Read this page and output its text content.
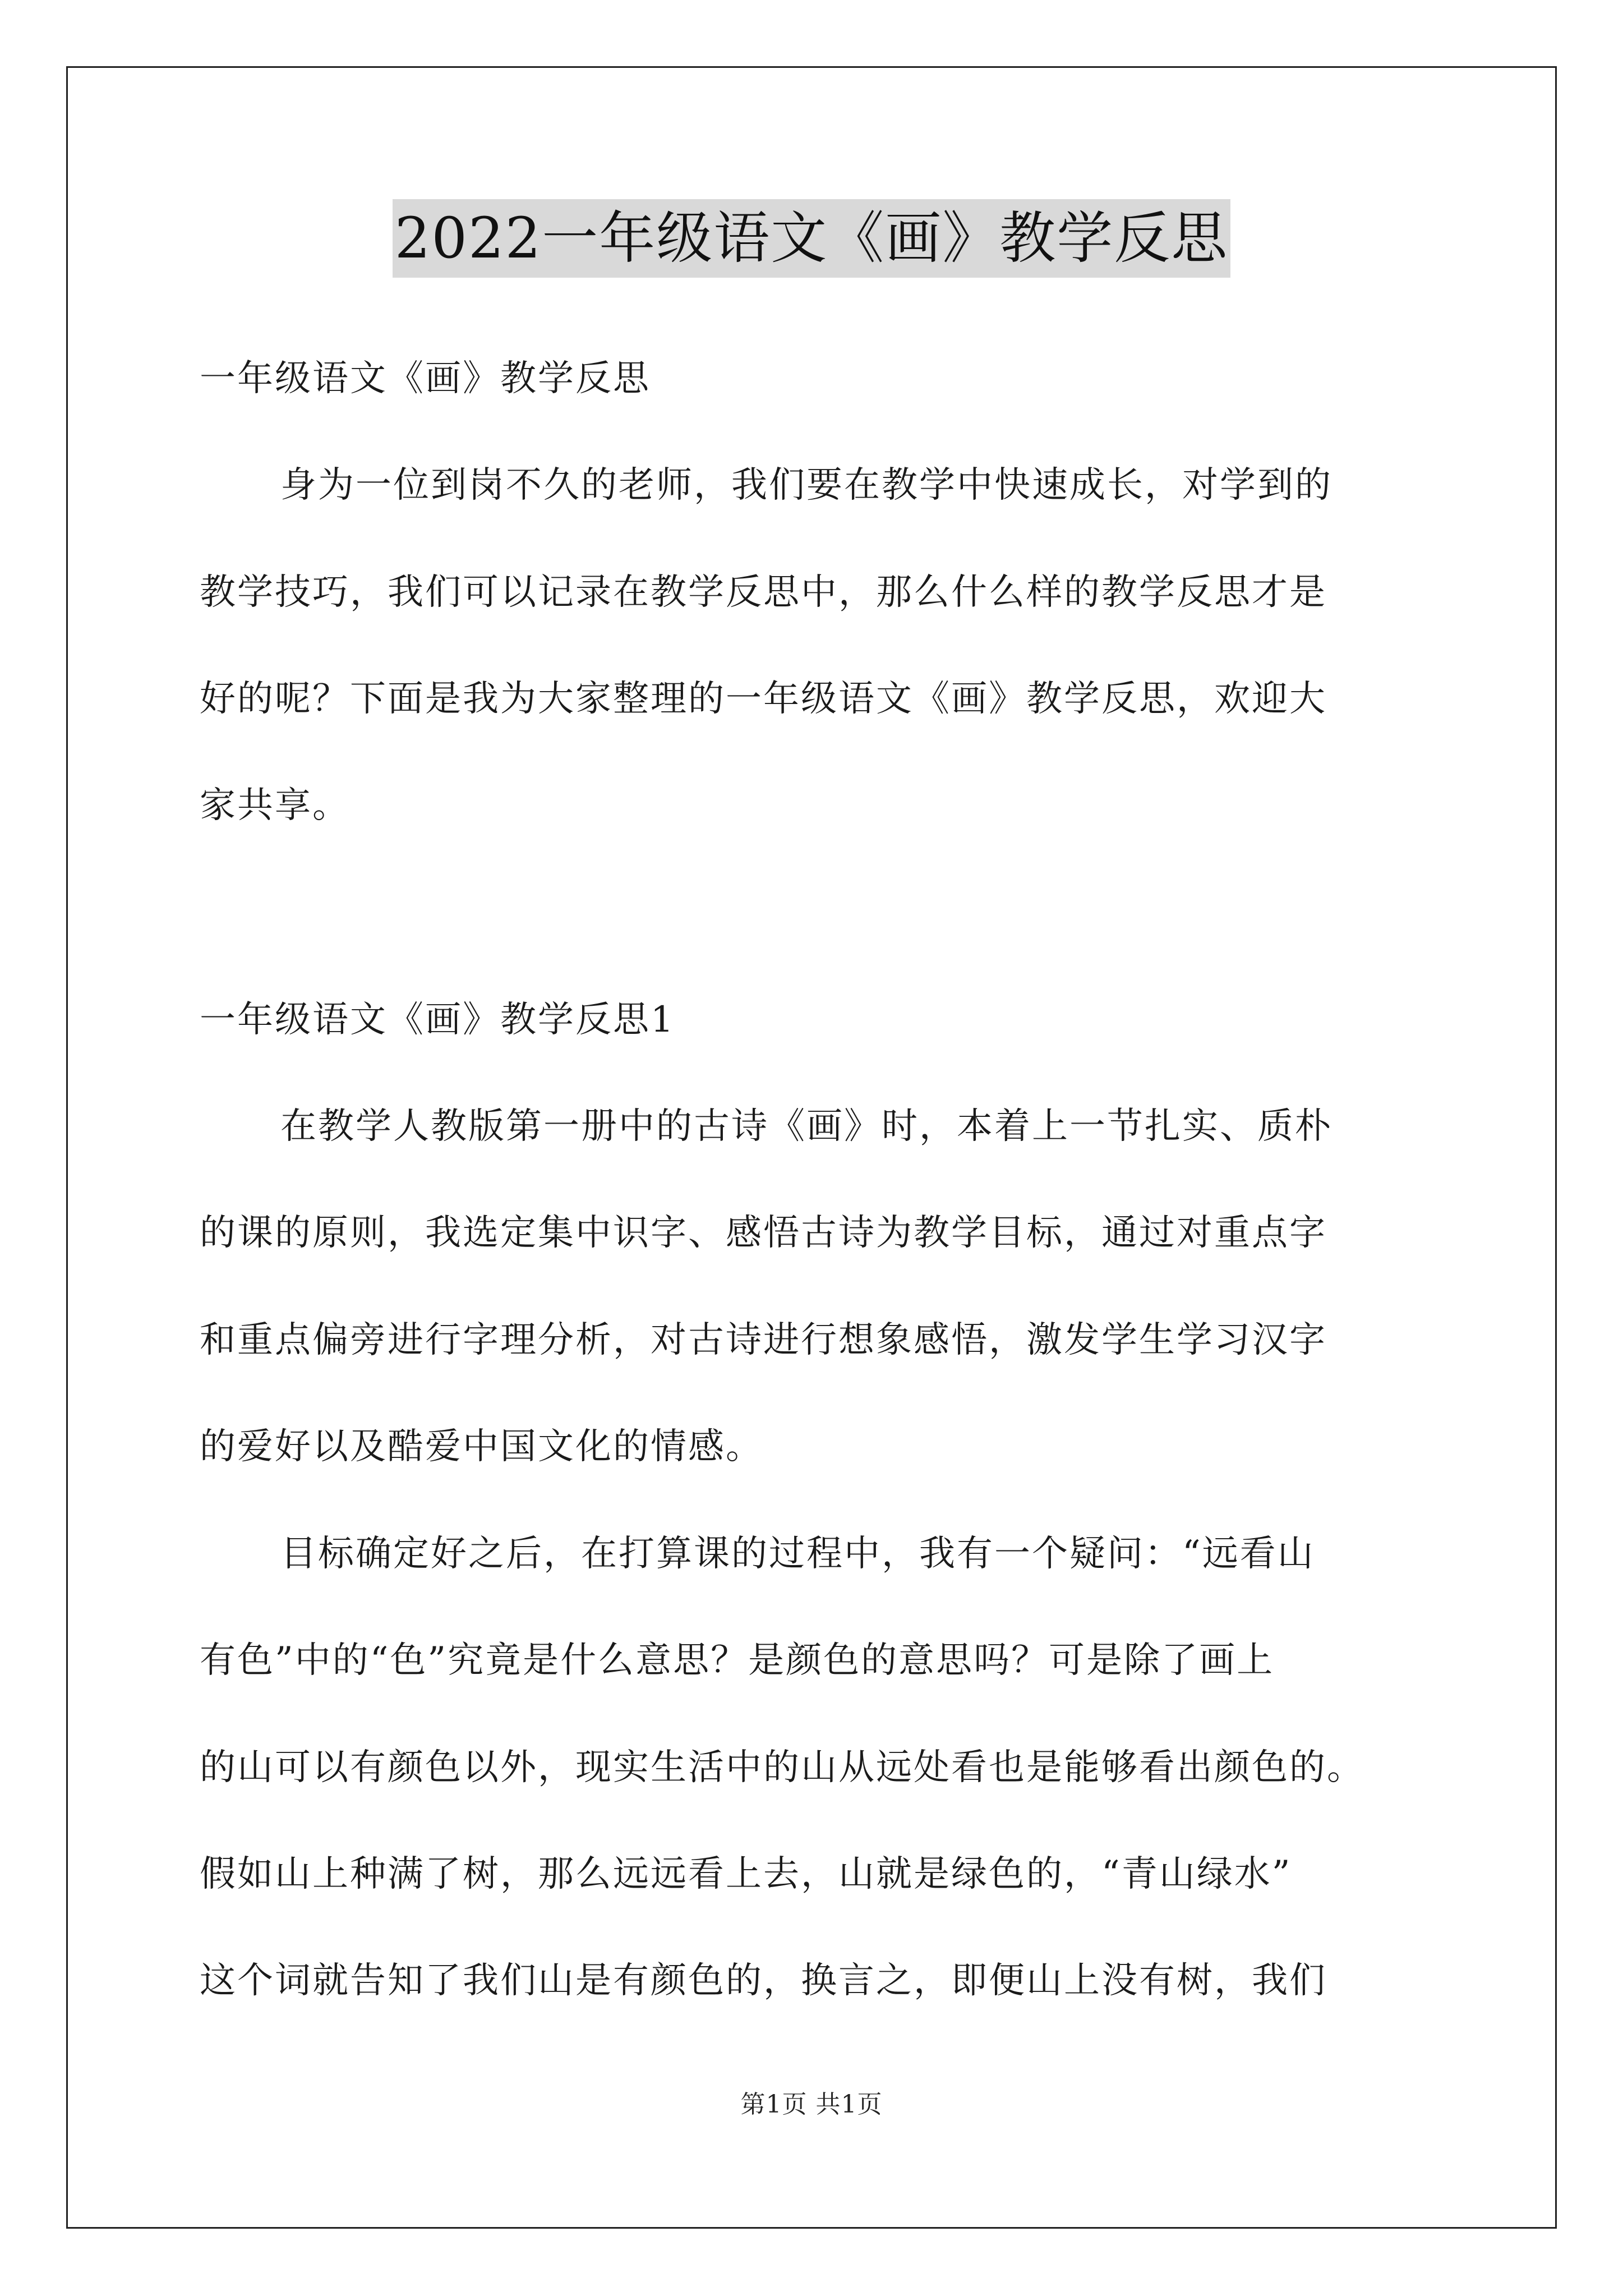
2022一年级语文《画》教学反思
一年级语文《画》教学反思
身为一位到岗不久的老师，我们要在教学中快速成长，对学到的
教学技巧，我们可以记录在教学反思中，那么什么样的教学反思才是
好的呢？下面是我为大家整理的一年级语文《画》教学反思，欢迎大
家共享。
一年级语文《画》教学反思1
在教学人教版第一册中的古诗《画》时，本着上一节扎实、质朴
的课的原则，我选定集中识字、感悟古诗为教学目标，通过对重点字
和重点偏旁进行字理分析，对古诗进行想象感悟，激发学生学习汉字
的爱好以及酷爱中国文化的情感。
目标确定好之后，在打算课的过程中，我有一个疑问：“远看山
有色”中的“色”究竟是什么意思？是颜色的意思吗？可是除了画上
的山可以有颜色以外，现实生活中的山从远处看也是能够看出颜色的。
假如山上种满了树，那么远远看上去，山就是绿色的，“青山绿水”
这个词就告知了我们山是有颜色的，换言之，即便山上没有树，我们
第1页 共1页
